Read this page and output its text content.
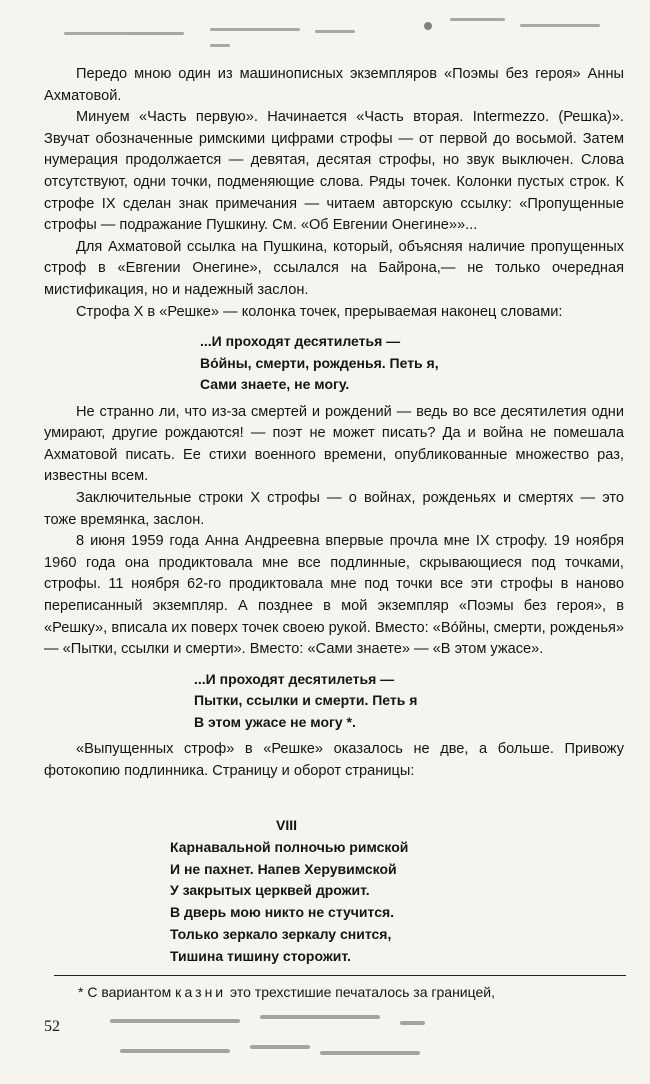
Передо мною один из машинописных экземпляров «Поэмы без героя» Анны Ахматовой.

Минуем «Часть первую». Начинается «Часть вторая. Intermezzo. (Решка)». Звучат обозначенные римскими цифрами строфы — от первой до восьмой. Затем нумерация продолжается — девятая, десятая строфы, но звук выключен. Слова отсутствуют, одни точки, подменяющие слова. Ряды точек. Колонки пустых строк. К строфе IX сделан знак примечания — читаем авторскую ссылку: «Пропущенные строфы — подражание Пушкину. См. «Об Евгении Онегине»»...

Для Ахматовой ссылка на Пушкина, который, объясняя наличие пропущенных строф в «Евгении Онегине», ссылался на Байрона,— не только очередная мистификация, но и надежный заслон.

Строфа X в «Решке» — колонка точек, прерываемая наконец словами:

...И проходят десятилетья —
Во́йны, смерти, рожденья. Петь я,
Сами знаете, не могу.

Не странно ли, что из-за смертей и рождений — ведь во все десятилетия одни умирают, другие рождаются! — поэт не может писать? Да и война не помешала Ахматовой писать. Ее стихи военного времени, опубликованные множество раз, известны всем.

Заключительные строки X строфы — о войнах, рожденьях и смертях — это тоже времянка, заслон.

8 июня 1959 года Анна Андреевна впервые прочла мне IX строфу. 19 ноября 1960 года она продиктовала мне все подлинные, скрывающиеся под точками, строфы. 11 ноября 62-го продиктовала мне под точки все эти строфы в наново переписанный экземпляр. А позднее в мой экземпляр «Поэмы без героя», в «Решку», вписала их поверх точек своею рукой. Вместо: «Во́йны, смерти, рожденья» — «Пытки, ссылки и смерти». Вместо: «Сами знаете» — «В этом ужасе».

...И проходят десятилетья —
Пытки, ссылки и смерти. Петь я
В этом ужасе не могу *.

«Выпущенных строф» в «Решке» оказалось не две, а больше. Привожу фотокопию подлинника. Страницу и оборот страницы:

VIII
Карнавальной полночью римской
И не пахнет. Напев Херувимской
У закрытых церквей дрожит.
В дверь мою никто не стучится.
Только зеркало зеркалу снится,
Тишина тишину сторожит.
* С вариантом казни это трехстишие печаталось за границей,
52
